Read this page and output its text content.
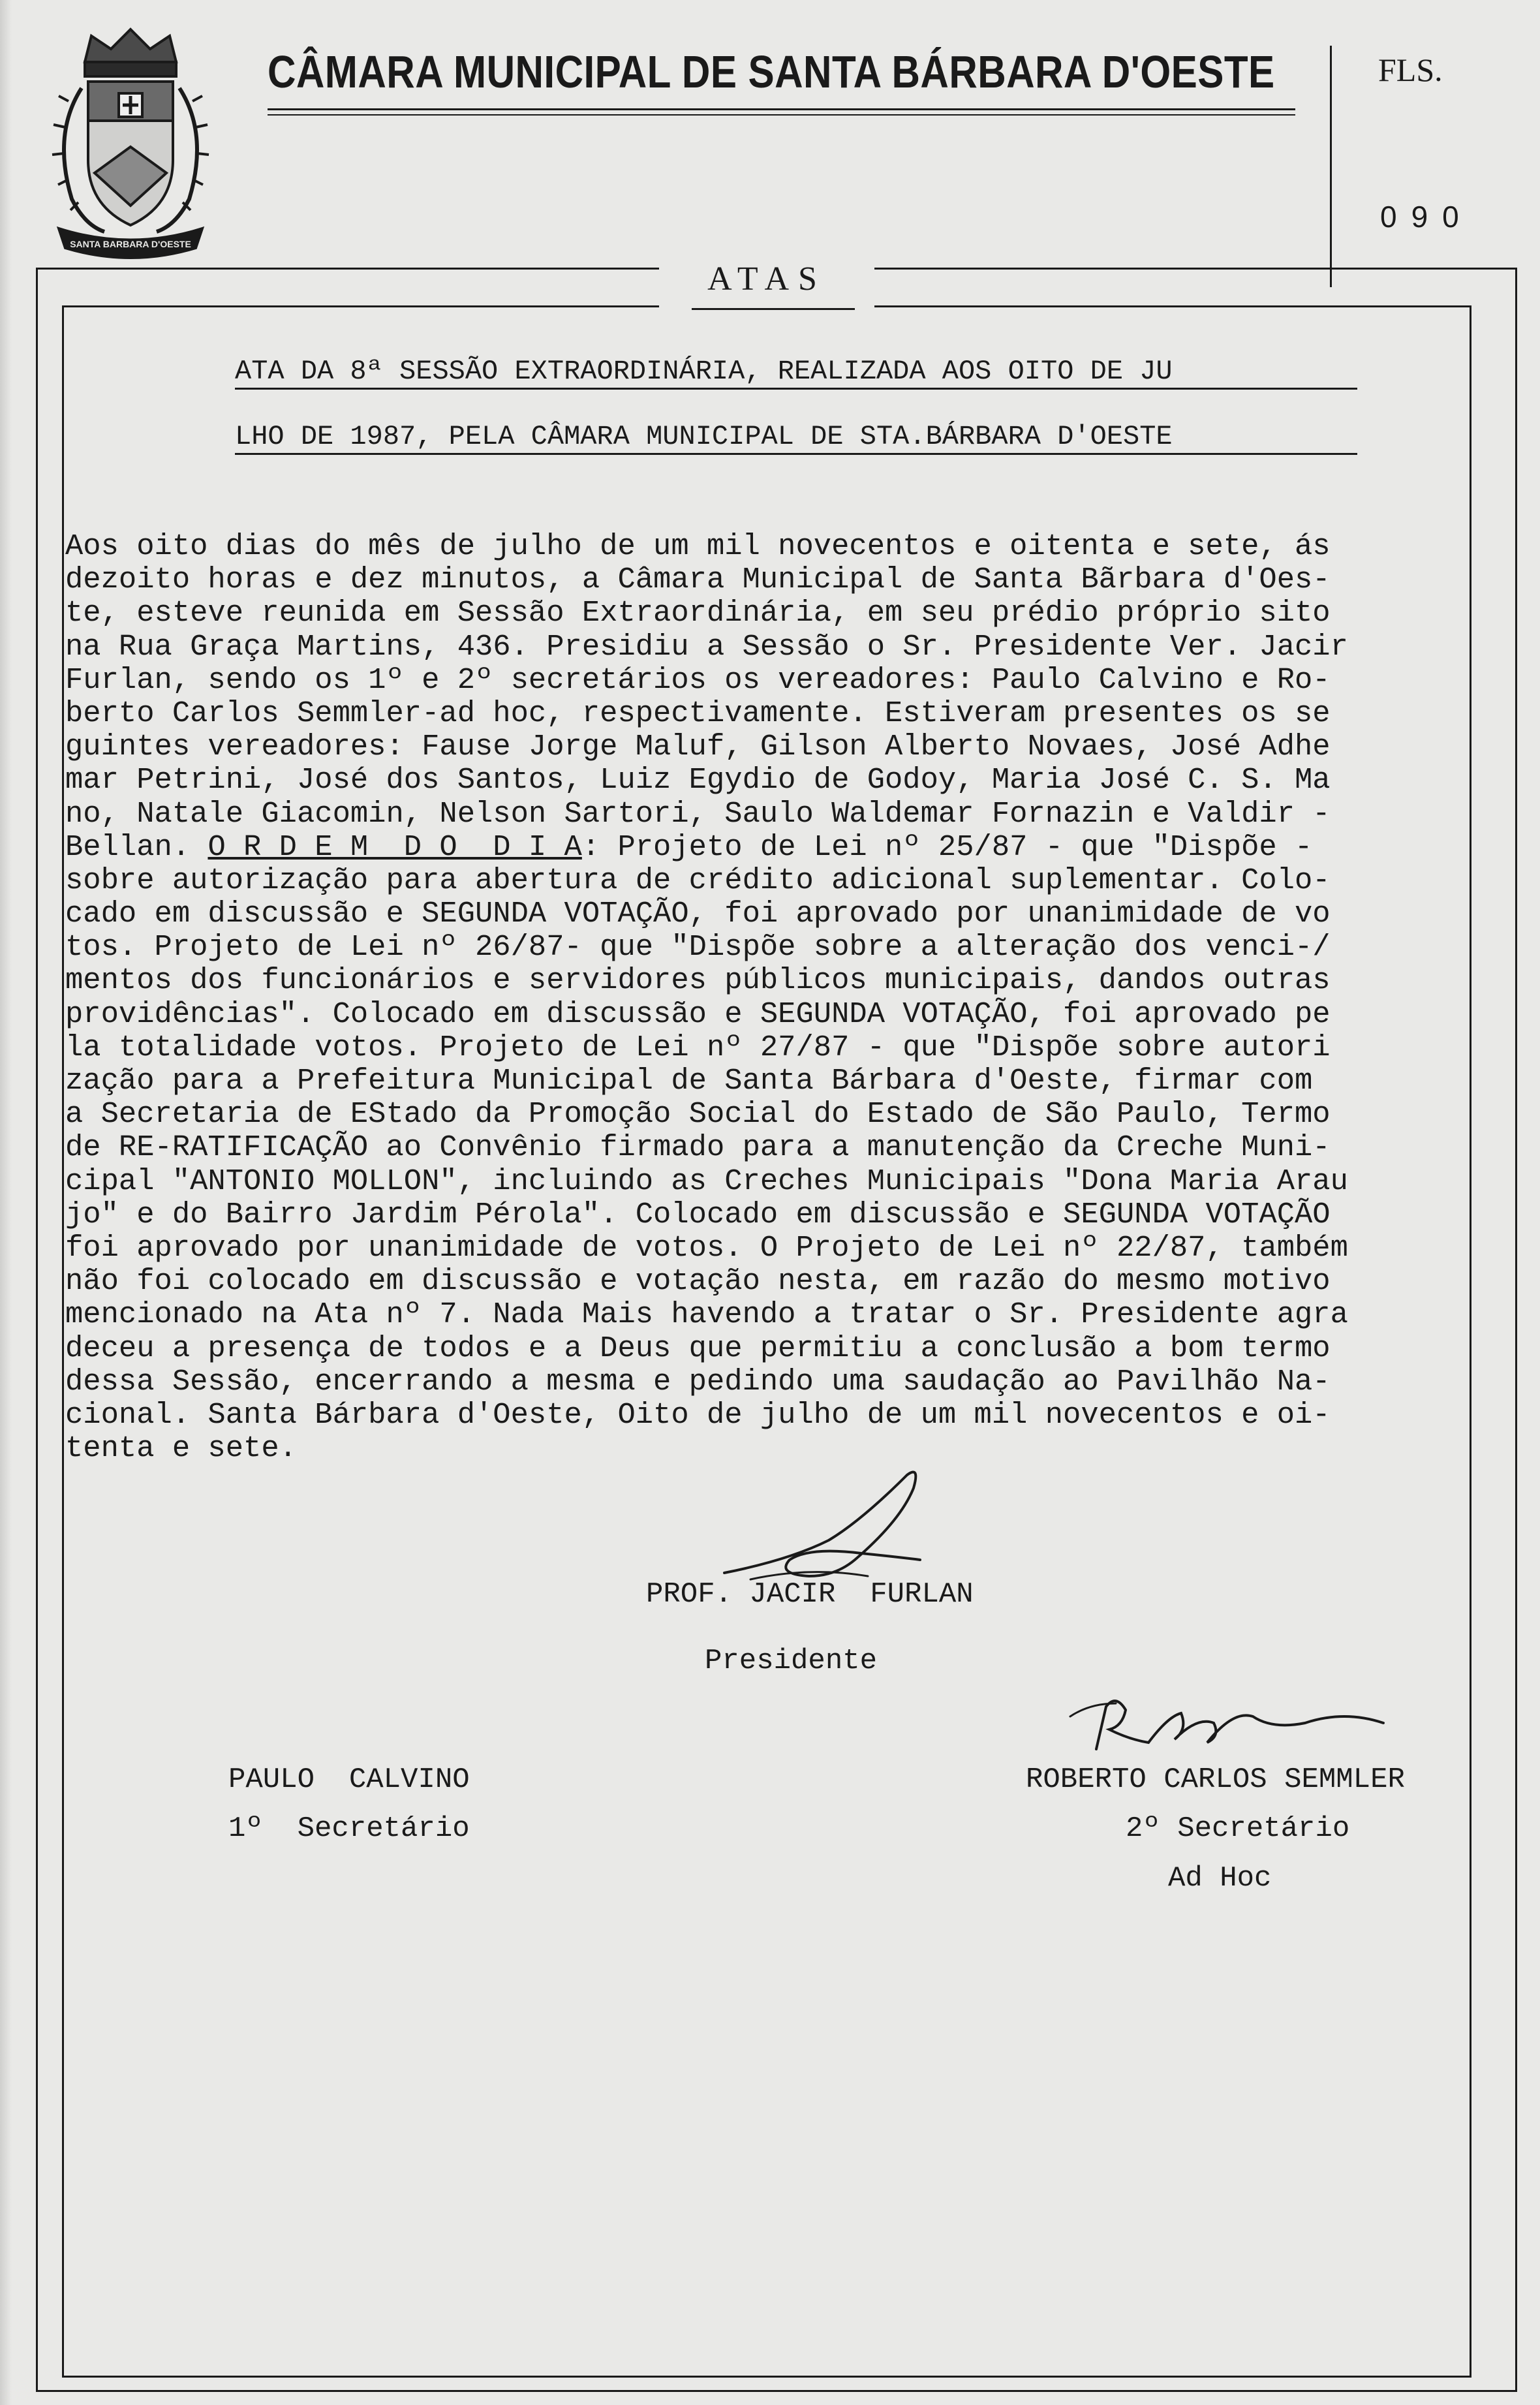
SANTA BARBARA D'OESTE
CÂMARA MUNICIPAL DE SANTA BÁRBARA D'OESTE	FLS.
090
ATAS
ATA DA 8ª SESSÃO EXTRAORDINÁRIA, REALIZADA AOS OITO DE JU
LHO DE 1987, PELA CÂMARA MUNICIPAL DE STA.BÁRBARA D'OESTE
Aos oito dias do mês de julho de um mil novecentos e oitenta e sete, ás
dezoito horas e dez minutos, a Câmara Municipal de Santa Bãrbara d'Oes-
te, esteve reunida em Sessão Extraordinária, em seu prédio próprio sito
na Rua Graça Martins, 436. Presidiu a Sessão o Sr. Presidente Ver. Jacir
Furlan, sendo os 1º e 2º secretários os vereadores: Paulo Calvino e Ro-
berto Carlos Semmler-ad hoc, respectivamente. Estiveram presentes os se
guintes vereadores: Fause Jorge Maluf, Gilson Alberto Novaes, José Adhe
mar Petrini, José dos Santos, Luiz Egydio de Godoy, Maria José C. S. Ma
no, Natale Giacomin, Nelson Sartori, Saulo Waldemar Fornazin e Valdir -
Bellan. O R D E M  D O  D I A: Projeto de Lei nº 25/87 - que "Dispõe -
sobre autorização para abertura de crédito adicional suplementar. Colo-
cado em discussão e SEGUNDA VOTAÇÃO, foi aprovado por unanimidade de vo
tos. Projeto de Lei nº 26/87- que "Dispõe sobre a alteração dos venci-/
mentos dos funcionários e servidores públicos municipais, dandos outras
providências". Colocado em discussão e SEGUNDA VOTAÇÃO, foi aprovado pe
la totalidade votos. Projeto de Lei nº 27/87 - que "Dispõe sobre autori
zação para a Prefeitura Municipal de Santa Bárbara d'Oeste, firmar com
a Secretaria de EStado da Promoção Social do Estado de São Paulo, Termo
de RE-RATIFICAÇÃO ao Convênio firmado para a manutenção da Creche Muni-
cipal "ANTONIO MOLLON", incluindo as Creches Municipais "Dona Maria Arau
jo" e do Bairro Jardim Pérola". Colocado em discussão e SEGUNDA VOTAÇÃO
foi aprovado por unanimidade de votos. O Projeto de Lei nº 22/87, também
não foi colocado em discussão e votação nesta, em razão do mesmo motivo
mencionado na Ata nº 7. Nada Mais havendo a tratar o Sr. Presidente agra
deceu a presença de todos e a Deus que permitiu a conclusão a bom termo
dessa Sessão, encerrando a mesma e pedindo uma saudação ao Pavilhão Na-
cional. Santa Bárbara d'Oeste, Oito de julho de um mil novecentos e oi-
tenta e sete.
PROF. JACIR  FURLAN
Presidente
PAULO  CALVINO
1º  Secretário
ROBERTO CARLOS SEMMLER
2º Secretário
Ad Hoc
